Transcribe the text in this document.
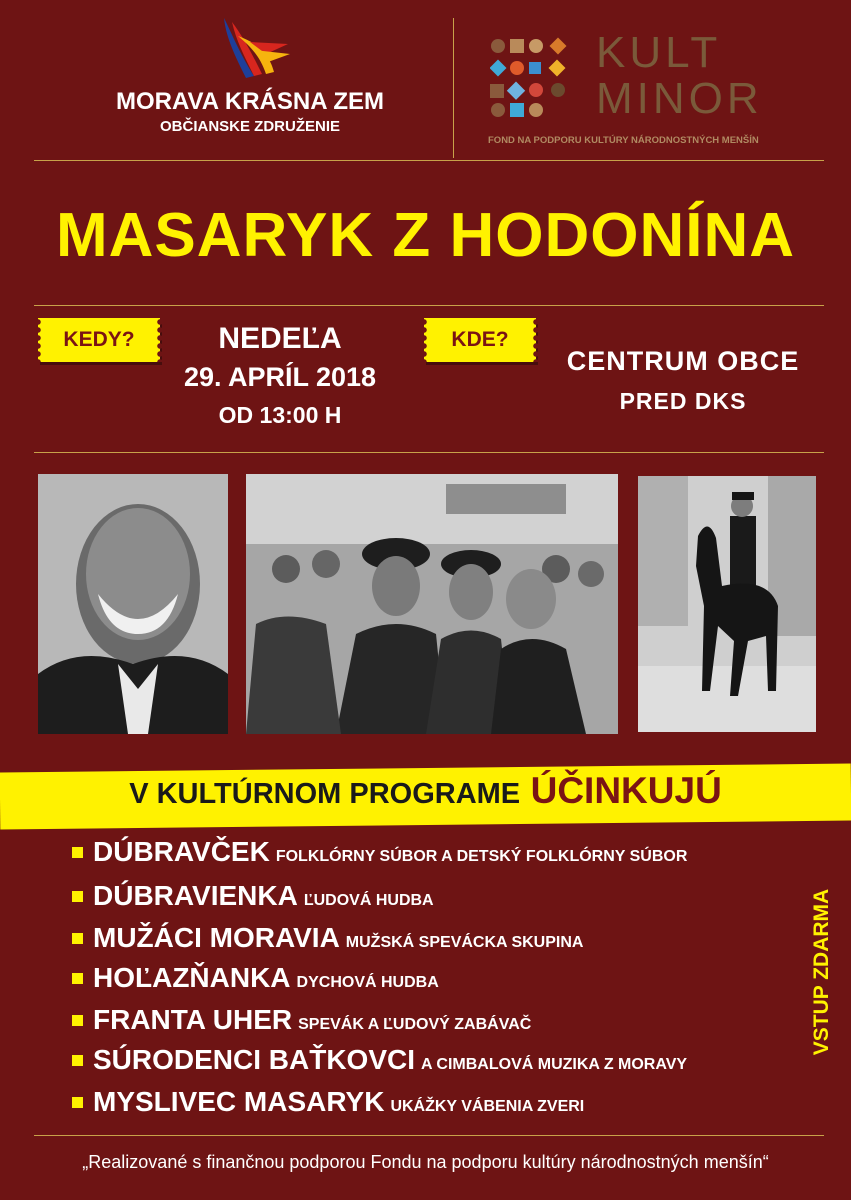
MORAVA KRÁSNA ZEM
OBČIANSKE ZDRUŽENIE
KULT
MINOR
FOND NA PODPORU KULTÚRY NÁRODNOSTNÝCH MENŠÍN
MASARYK Z HODONÍNA
KEDY?	NEDEĽA
29. APRÍL 2018
OD 13:00 H
KDE?
CENTRUM OBCE
PRED DKS
V KULTÚRNOM PROGRAME ÚČINKUJÚ
DÚBRAVČEK FOLKLÓRNY SÚBOR A DETSKÝ FOLKLÓRNY SÚBOR
DÚBRAVIENKA ĽUDOVÁ HUDBA
MUŽÁCI MORAVIA MUŽSKÁ SPEVÁCKA SKUPINA
HOĽAZŇANKA DYCHOVÁ HUDBA
FRANTA UHER SPEVÁK A ĽUDOVÝ ZABÁVAČ
SÚRODENCI BAŤKOVCI A CIMBALOVÁ MUZIKA Z MORAVY
MYSLIVEC MASARYK UKÁŽKY VÁBENIA ZVERI
VSTUP ZDARMA
„Realizované s finančnou podporou Fondu na podporu kultúry národnostných menšín“
